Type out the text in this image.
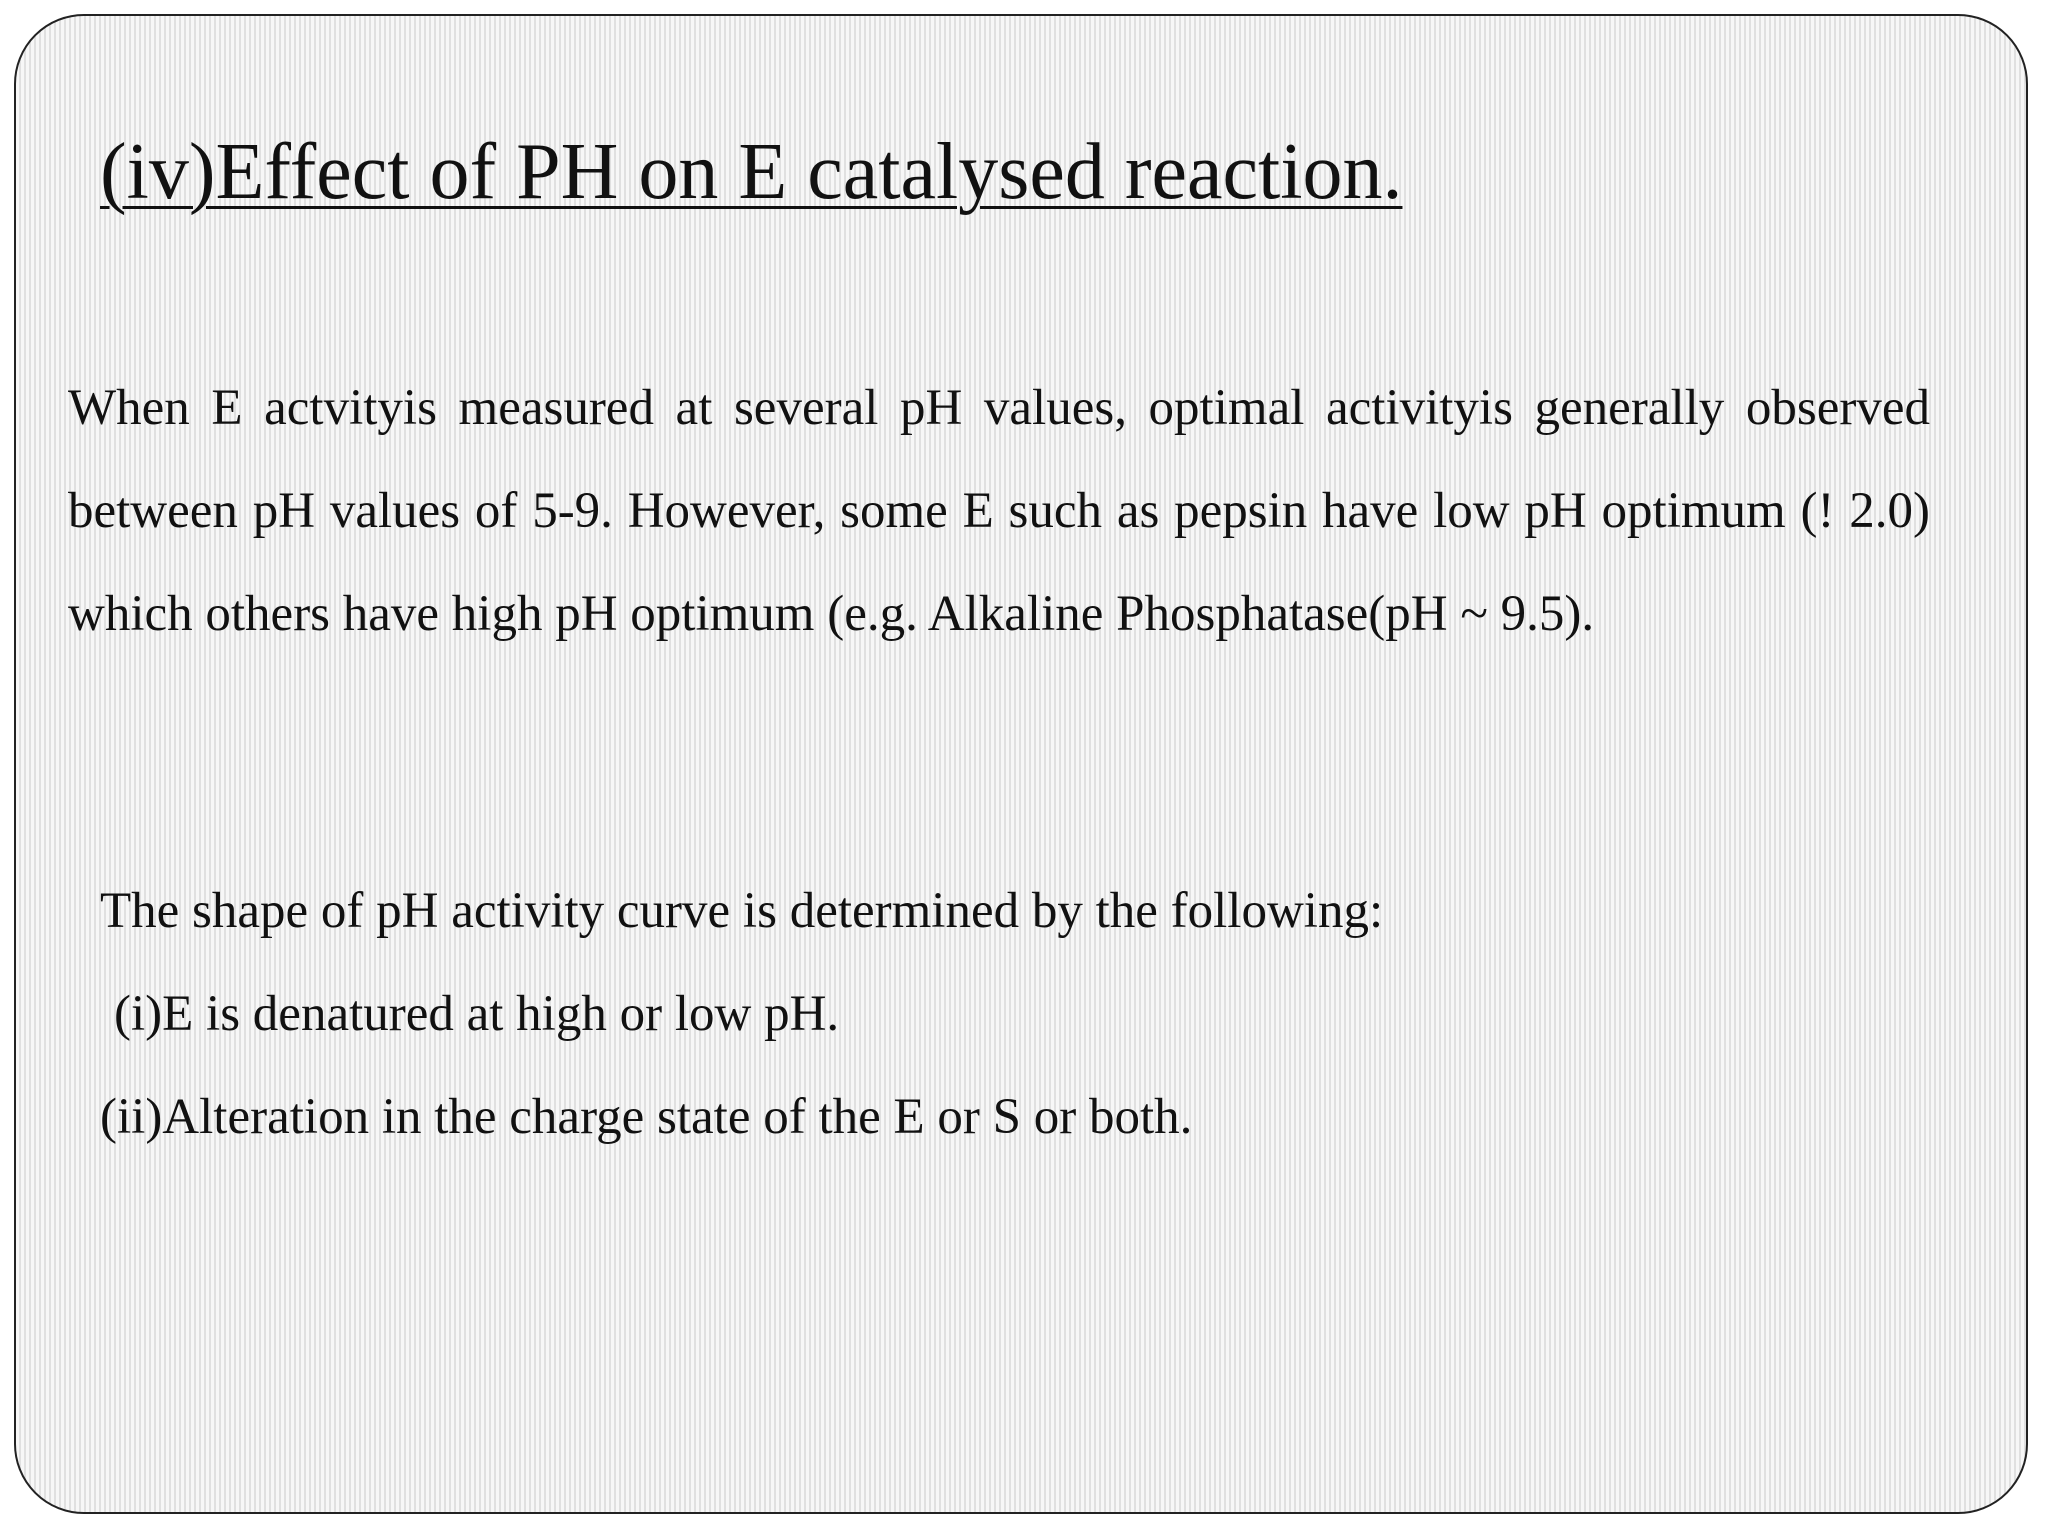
(iv)Effect of PH on E catalysed reaction.

When E actvityis measured at several pH values, optimal activityis generally observed between pH values of 5-9. However, some E such as pepsin have low pH optimum (! 2.0) which others have high pH optimum (e.g. Alkaline Phosphatase(pH ~ 9.5).

The shape of pH activity curve is determined by the following:
(i)E is denatured at high or low pH.
(ii)Alteration in the charge state of the E or S or both.
